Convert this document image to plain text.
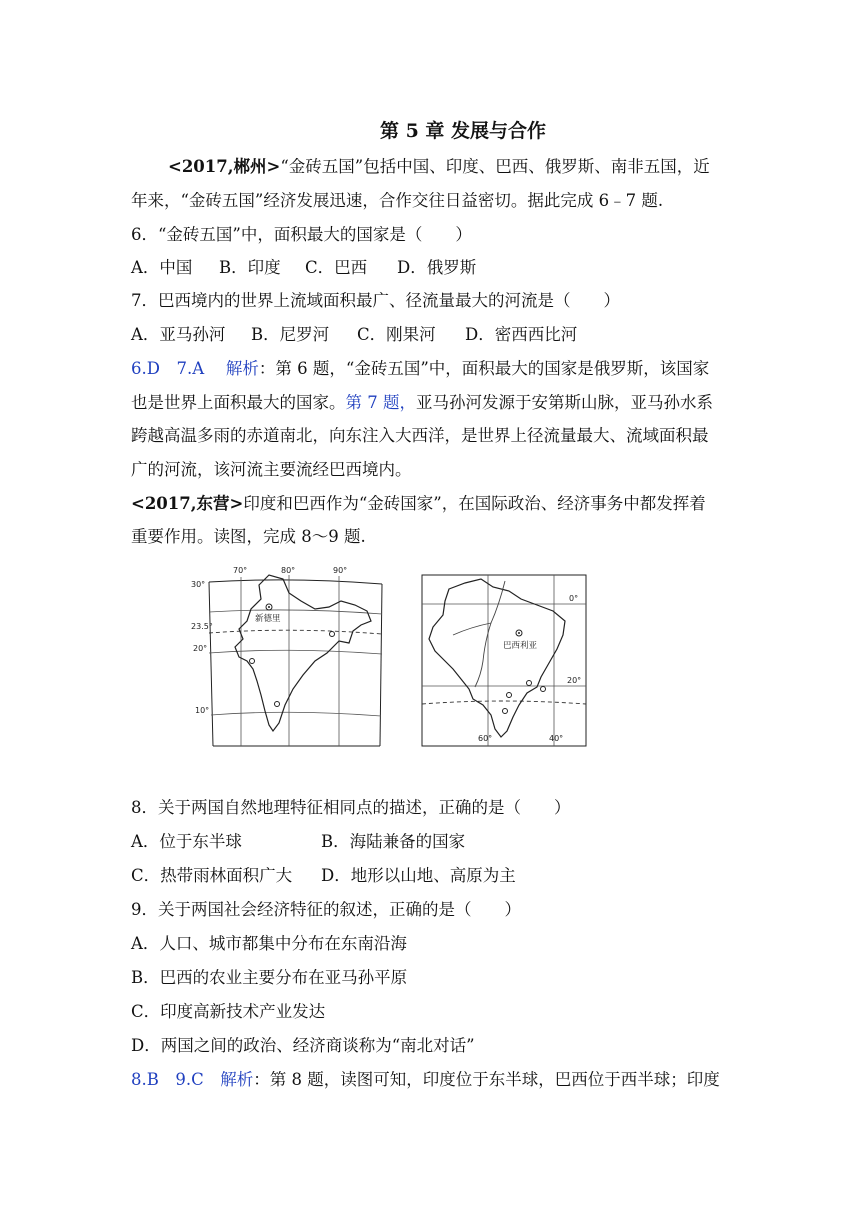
第 5 章 发展与合作
<2017,郴州>“金砖五国”包括中国、印度、巴西、俄罗斯、南非五国，近
年来，“金砖五国”经济发展迅速，合作交往日益密切。据此完成 6﹣7 题.
6．“金砖五国”中，面积最大的国家是（　　）
A．中国 B．印度 C．巴西 D．俄罗斯
7．巴西境内的世界上流域面积最广、径流量最大的河流是（　　）
A．亚马孙河 B．尼罗河 C．刚果河 D．密西西比河
6.D　7.A　 解析：第 6 题，“金砖五国”中，面积最大的国家是俄罗斯，该国家
也是世界上面积最大的国家。第 7 题，亚马孙河发源于安第斯山脉，亚马孙水系
跨越高温多雨的赤道南北，向东注入大西洋，是世界上径流量最大、流域面积最
广的河流，该河流主要流经巴西境内。
<2017,东营>印度和巴西作为“金砖国家”，在国际政治、经济事务中都发挥着
重要作用。读图，完成 8～9 题.
70°	80°	90°
30°
23.5°
20°
10°
新德里
0°
20°
60°	40°
巴西利亚
8．关于两国自然地理特征相同点的描述，正确的是（　　）
A．位于东半球	B．海陆兼备的国家
C．热带雨林面积广大 D．地形以山地、高原为主
9．关于两国社会经济特征的叙述，正确的是（　　）
A．人口、城市都集中分布在东南沿海
B．巴西的农业主要分布在亚马孙平原
C．印度高新技术产业发达
D．两国之间的政治、经济商谈称为“南北对话”
8.B　9.C　 解析：第 8 题，读图可知，印度位于东半球，巴西位于西半球；印度
